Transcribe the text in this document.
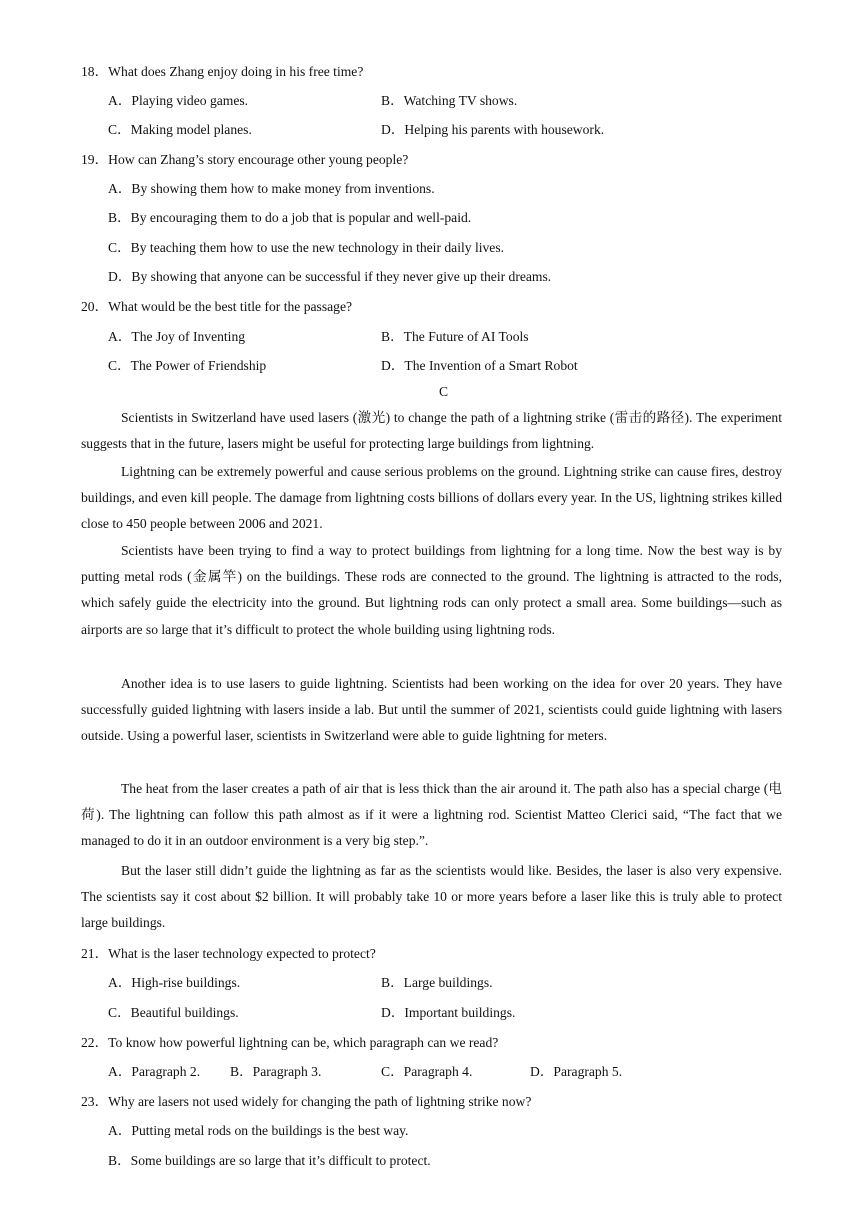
18．What does Zhang enjoy doing in his free time?
A．Playing video games.	B．Watching TV shows.
C．Making model planes.	D．Helping his parents with housework.
19．How can Zhang’s story encourage other young people?
A．By showing them how to make money from inventions.
B．By encouraging them to do a job that is popular and well-paid.
C．By teaching them how to use the new technology in their daily lives.
D．By showing that anyone can be successful if they never give up their dreams.
20．What would be the best title for the passage?
A．The Joy of Inventing	B．The Future of AI Tools
C．The Power of Friendship	D．The Invention of a Smart Robot
C

Scientists in Switzerland have used lasers (激光) to change the path of a lightning strike (雷击的路径). The experiment suggests that in the future, lasers might be useful for protecting large buildings from lightning.

Lightning can be extremely powerful and cause serious problems on the ground. Lightning strike can cause fires, destroy buildings, and even kill people. The damage from lightning costs billions of dollars every year. In the US, lightning strikes killed close to 450 people between 2006 and 2021.

Scientists have been trying to find a way to protect buildings from lightning for a long time. Now the best way is by putting metal rods (金属竿) on the buildings. These rods are connected to the ground. The lightning is attracted to the rods, which safely guide the electricity into the ground. But lightning rods can only protect a small area. Some buildings—such as airports are so large that it’s difficult to protect the whole building using lightning rods.

Another idea is to use lasers to guide lightning. Scientists had been working on the idea for over 20 years. They have successfully guided lightning with lasers inside a lab. But until the summer of 2021, scientists could guide lightning with lasers outside. Using a powerful laser, scientists in Switzerland were able to guide lightning for meters.

The heat from the laser creates a path of air that is less thick than the air around it. The path also has a special charge (电荷). The lightning can follow this path almost as if it were a lightning rod. Scientist Matteo Clerici said, “The fact that we managed to do it in an outdoor environment is a very big step.”.

But the laser still didn’t guide the lightning as far as the scientists would like. Besides, the laser is also very expensive. The scientists say it cost about $2 billion. It will probably take 10 or more years before a laser like this is truly able to protect large buildings.

21．What is the laser technology expected to protect?
A．High-rise buildings.	B．Large buildings.
C．Beautiful buildings.	D．Important buildings.
22．To know how powerful lightning can be, which paragraph can we read?
A．Paragraph 2. B．Paragraph 3.	C．Paragraph 4.	D．Paragraph 5.
23．Why are lasers not used widely for changing the path of lightning strike now?
A．Putting metal rods on the buildings is the best way.
B．Some buildings are so large that it’s difficult to protect.
